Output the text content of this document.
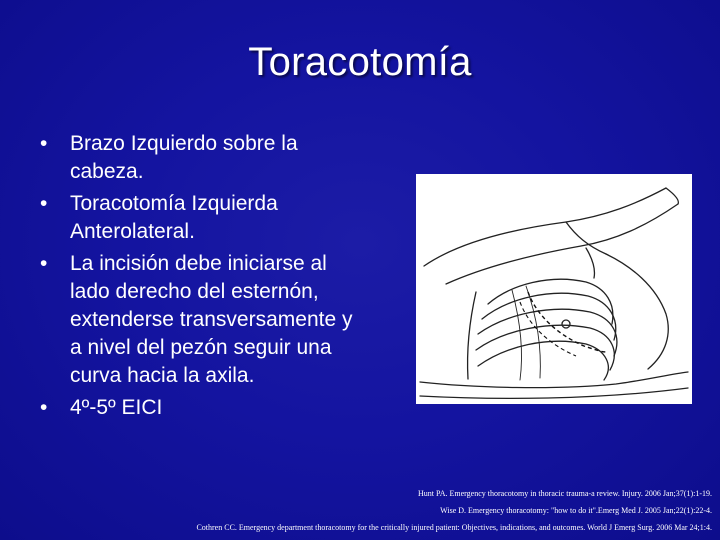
Toracotomía
• Brazo Izquierdo sobre la cabeza.
• Toracotomía Izquierda Anterolateral.
• La incisión debe iniciarse al lado derecho del esternón, extenderse transversamente y a nivel del pezón seguir una curva hacia la axila.
• 4º-5º EICI
Hunt PA. Emergency thoracotomy in thoracic trauma-a review. Injury. 2006 Jan;37(1):1-19.
Wise D. Emergency thoracotomy: "how to do it".Emerg Med J. 2005 Jan;22(1):22-4.
Cothren CC. Emergency department thoracotomy for the critically injured patient: Objectives, indications, and outcomes. World J Emerg Surg. 2006 Mar 24;1:4.
